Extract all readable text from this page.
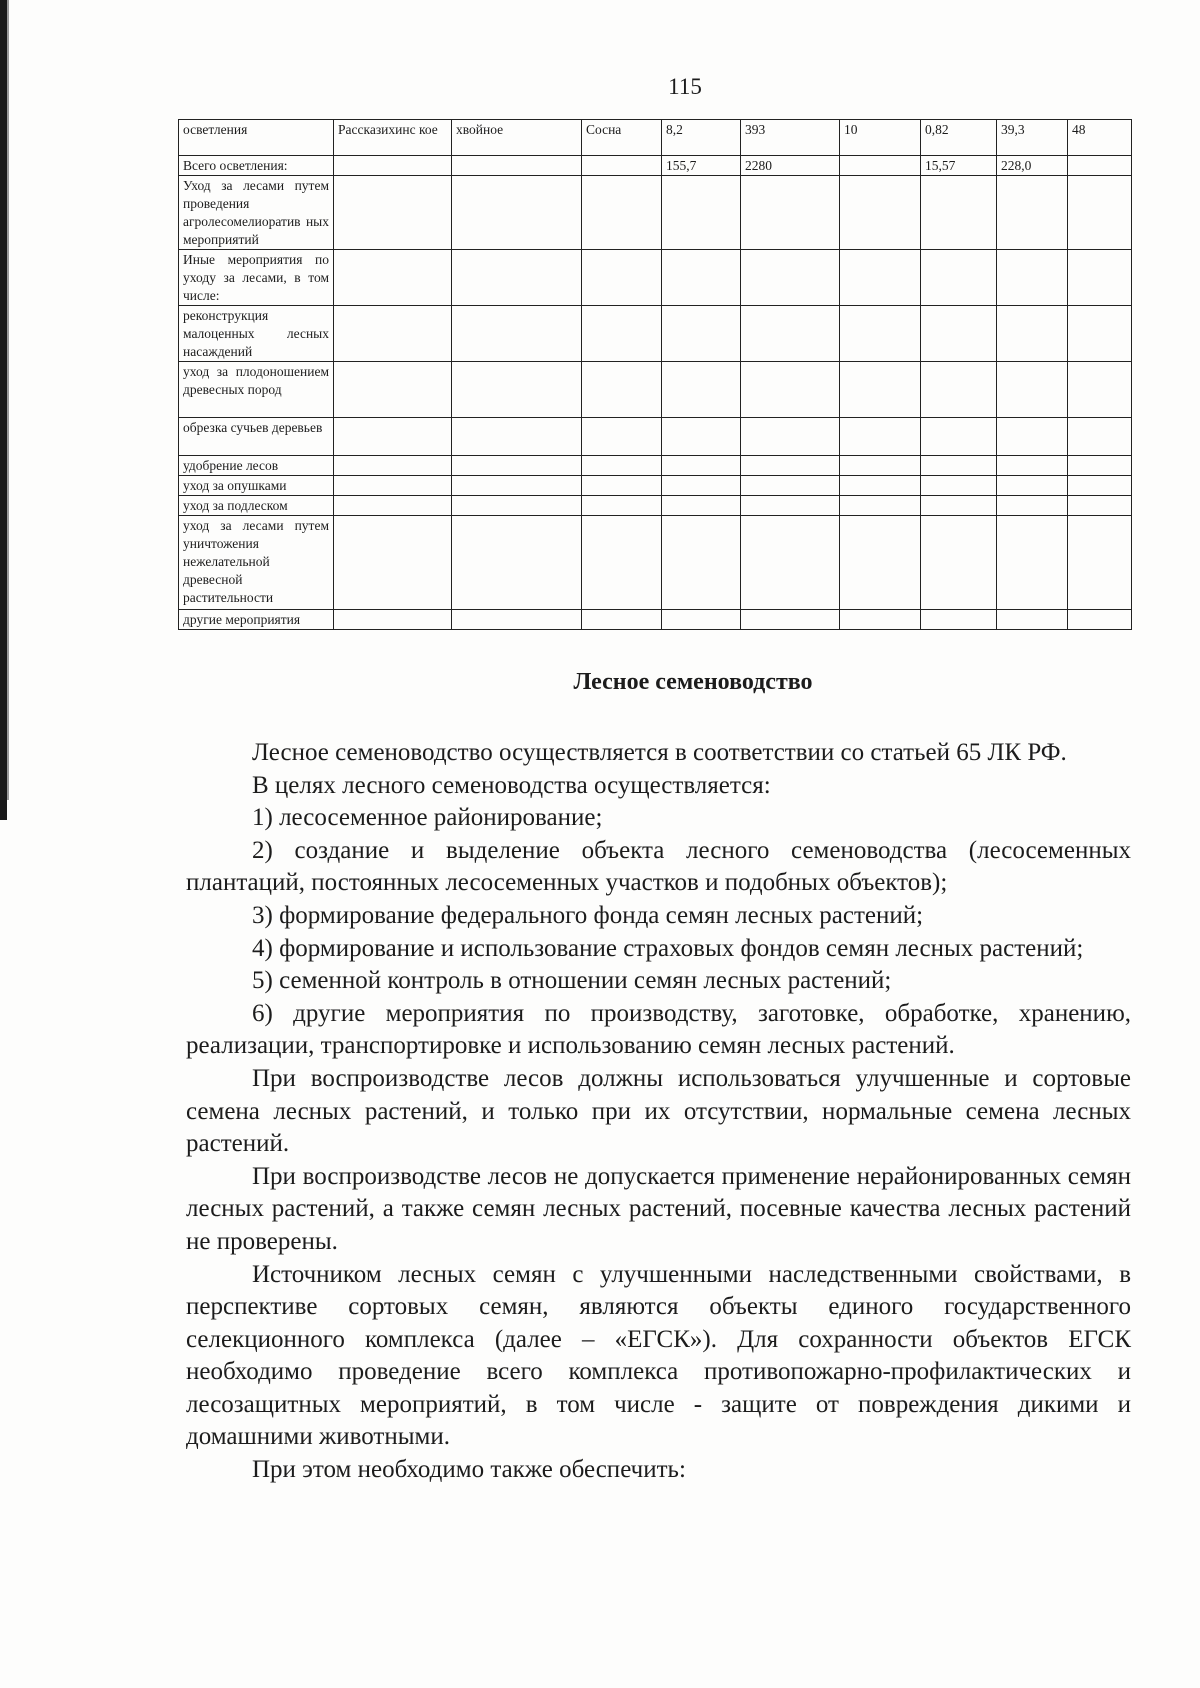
115
осветления	Рассказихинс кое	хвойное	Сосна	8,2	393	10	0,82	39,3	48
Всего осветления:				155,7	2280		15,57	228,0	
Уход за лесами путем проведения агролесомелиоратив ных мероприятий									
Иные мероприятия по уходу за лесами, в том числе:									
реконструкция малоценных лесных насаждений									
уход за плодоношением древесных пород									
обрезка сучьев деревьев									
удобрение лесов									
уход за опушками									
уход за подлеском									
уход за лесами путем уничтожения нежелательной древесной растительности									
другие мероприятия									
Лесное семеноводство

Лесное семеноводство осуществляется в соответствии со статьей 65 ЛК РФ.

В целях лесного семеноводства осуществляется:

1) лесосеменное районирование;

2) создание и выделение объекта лесного семеноводства (лесосеменных плантаций, постоянных лесосеменных участков и подобных объектов);

3) формирование федерального фонда семян лесных растений;

4) формирование и использование страховых фондов семян лесных растений;

5) семенной контроль в отношении семян лесных растений;

6) другие мероприятия по производству, заготовке, обработке, хранению, реализации, транспортировке и использованию семян лесных растений.

При воспроизводстве лесов должны использоваться улучшенные и сортовые семена лесных растений, и только при их отсутствии, нормальные семена лесных растений.

При воспроизводстве лесов не допускается применение нерайонированных семян лесных растений, а также семян лесных растений, посевные качества лесных растений не проверены.

Источником лесных семян с улучшенными наследственными свойствами, в перспективе сортовых семян, являются объекты единого государственного селекционного комплекса (далее – «ЕГСК»). Для сохранности объектов ЕГСК необходимо проведение всего комплекса противопожарно-профилактических и лесозащитных мероприятий, в том числе - защите от повреждения дикими и домашними животными.

При этом необходимо также обеспечить:
